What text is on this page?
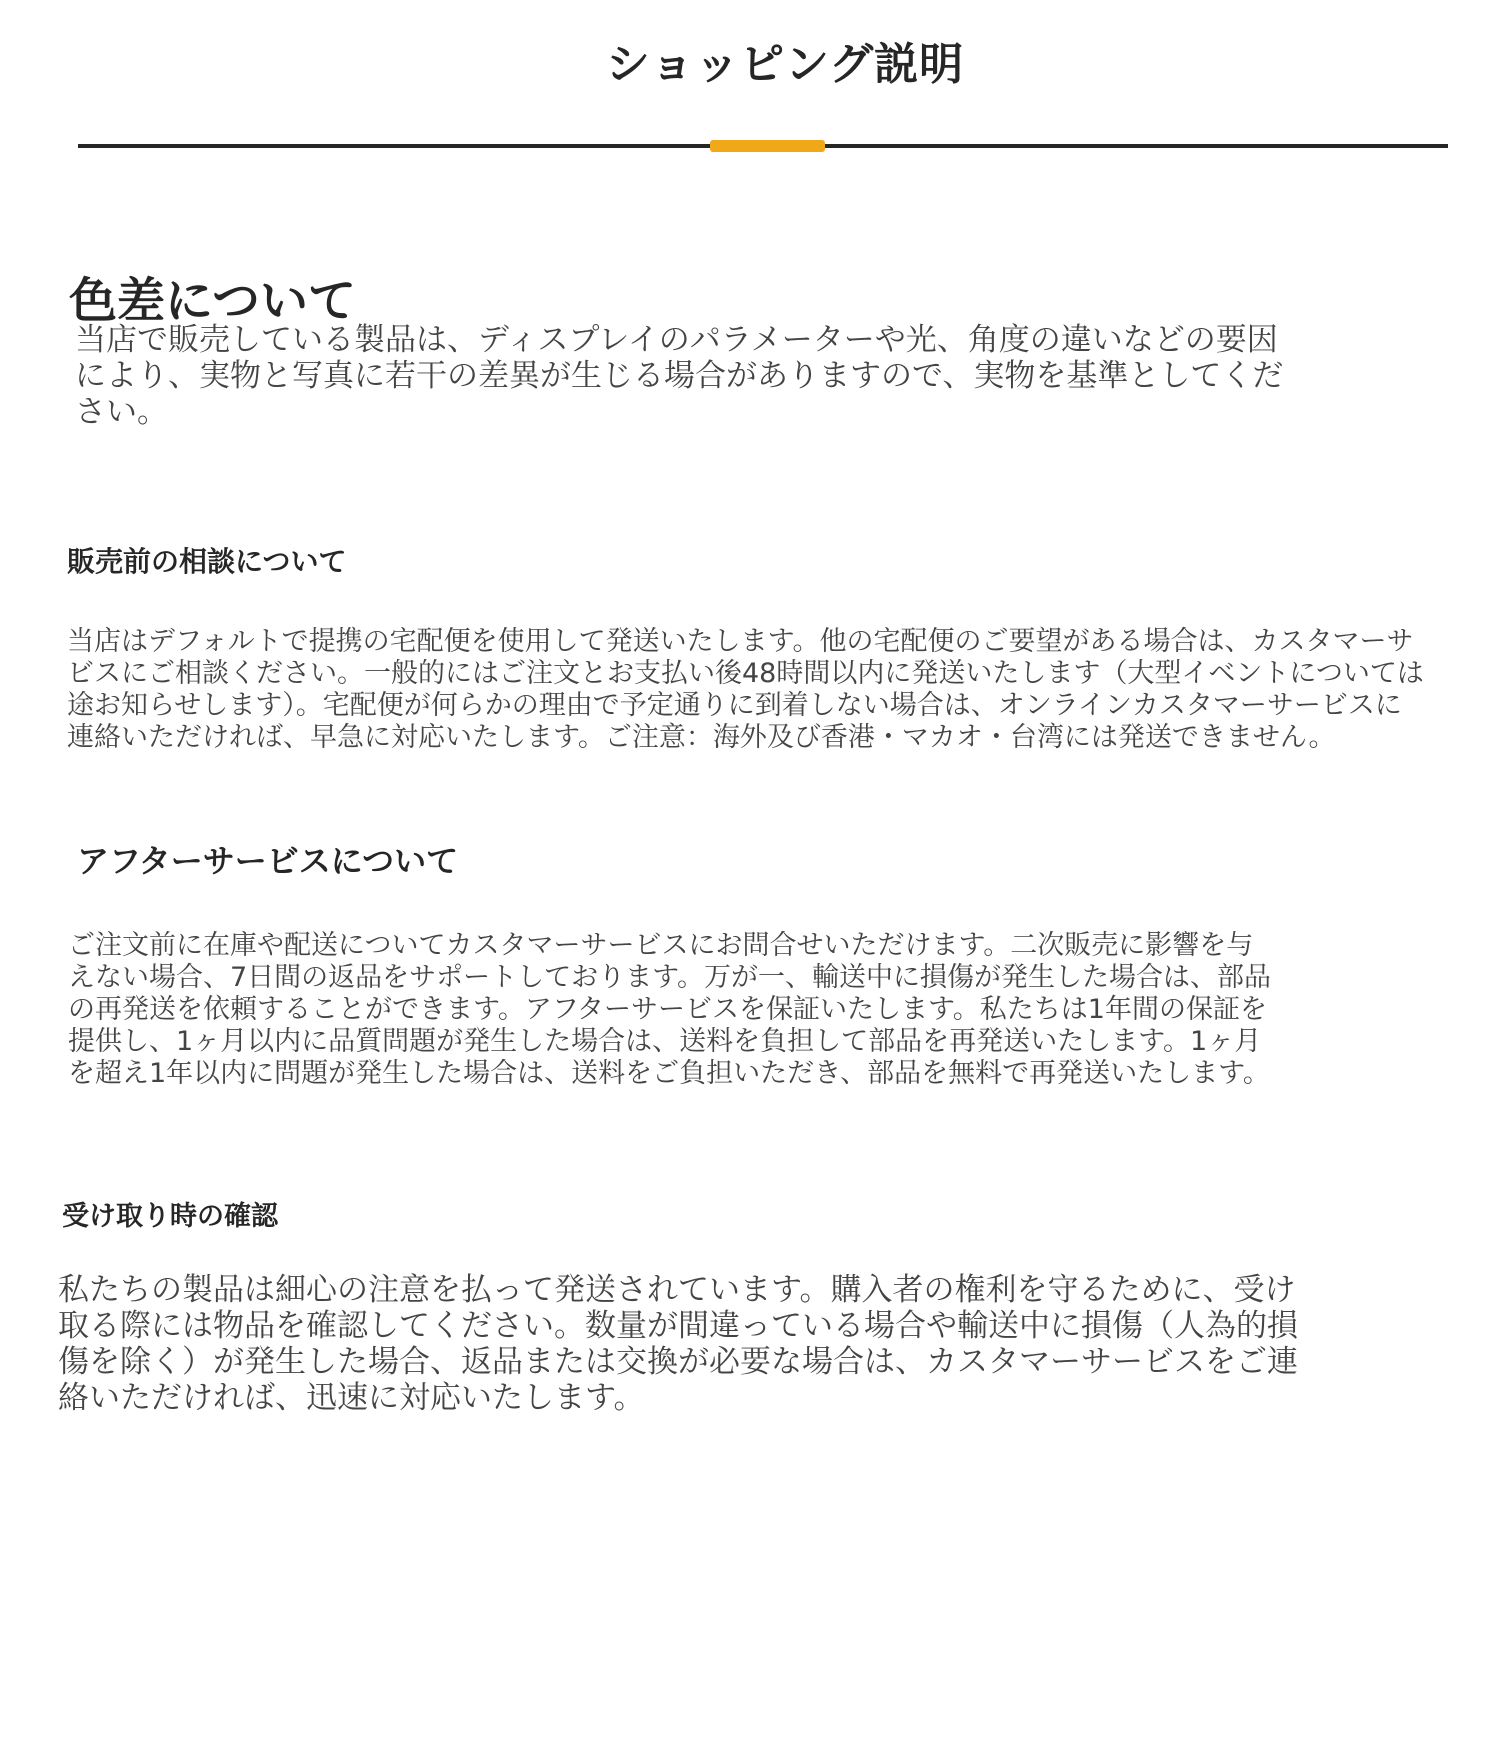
ショッピング説明
色差について

当店で販売している製品は、ディスプレイのパラメーターや光、角度の違いなどの要因
により、実物と写真に若干の差異が生じる場合がありますので、実物を基準としてくだ
さい。

販売前の相談について

当店はデフォルトで提携の宅配便を使用して発送いたします。他の宅配便のご要望がある場合は、カスタマーサ
ビスにご相談ください。一般的にはご注文とお支払い後48時間以内に発送いたします（大型イベントについては
途お知らせします）。宅配便が何らかの理由で予定通りに到着しない場合は、オンラインカスタマーサービスに
連絡いただければ、早急に対応いたします。ご注意：海外及び香港・マカオ・台湾には発送できません。

アフターサービスについて

ご注文前に在庫や配送についてカスタマーサービスにお問合せいただけます。二次販売に影響を与
えない場合、7日間の返品をサポートしております。万が一、輸送中に損傷が発生した場合は、部品
の再発送を依頼することができます。アフターサービスを保証いたします。私たちは1年間の保証を
提供し、1ヶ月以内に品質問題が発生した場合は、送料を負担して部品を再発送いたします。1ヶ月
を超え1年以内に問題が発生した場合は、送料をご負担いただき、部品を無料で再発送いたします。

受け取り時の確認

私たちの製品は細心の注意を払って発送されています。購入者の権利を守るために、受け
取る際には物品を確認してください。数量が間違っている場合や輸送中に損傷（人為的損
傷を除く）が発生した場合、返品または交換が必要な場合は、カスタマーサービスをご連
絡いただければ、迅速に対応いたします。
